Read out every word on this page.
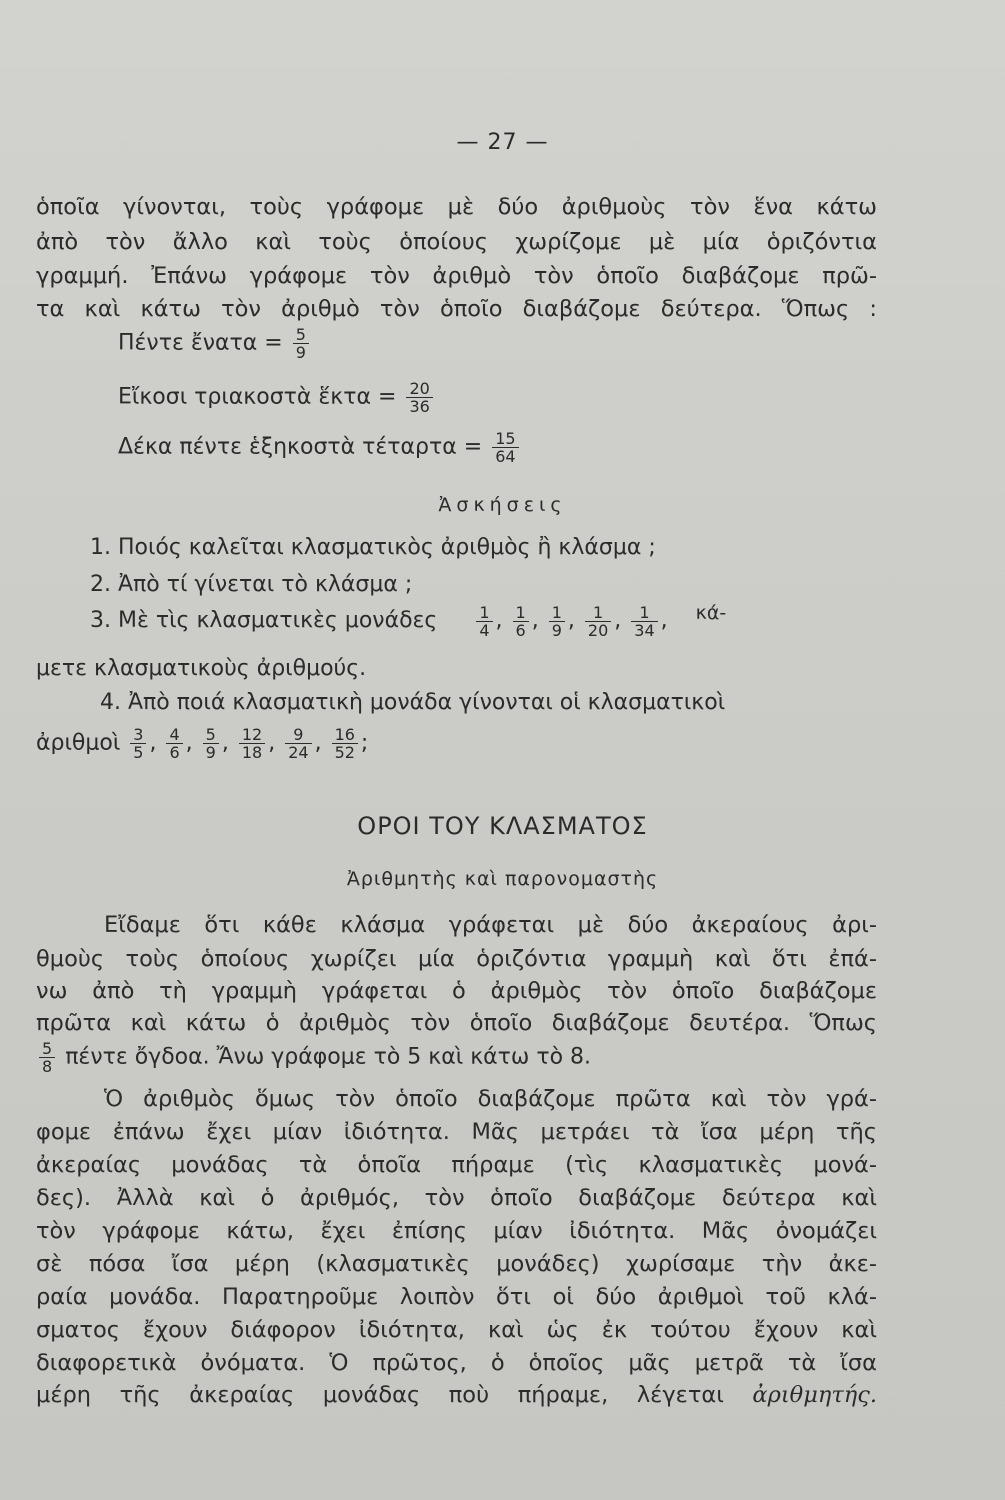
— 27 —
ὁποῖα γίνονται, τοὺς γράφομε μὲ δύο ἀριθμοὺς τὸν ἕνα κάτω
ἀπὸ τὸν ἄλλο καὶ τοὺς ὁποίους χωρίζομε μὲ μία ὁριζόντια
γραμμή. Ἐπάνω γράφομε τὸν ἀριθμὸ τὸν ὁποῖο διαβάζομε πρῶ-
τα καὶ κάτω τὸν ἀριθμὸ τὸν ὁποῖο διαβάζομε δεύτερα. Ὅπως :
Πέντε ἔνατα = $\frac{5}{9}$
Εἴκοσι τριακοστὰ ἕκτα = $\frac{20}{36}$
Δέκα πέντε ἑξηκοστὰ $\tau έ\tau\alpha\rho\tau\alpha = \frac{15}{64}$
Ἀσκήσεις
1. Ποιός καλεῖται κλασματικὸς ἀριθμὸς ἢ κλάσμα ;
2. Ἀπὸ τί γίνεται τὸ κλάσμα ;
3. Μὲ τὶς κλασματικὲς μονάδες $\frac{1}{4}$ , $\frac{1}{6}$ , $\frac{1}{9}$ , $\frac{1}{20}$ , $\frac{1}{34}$ ,  κά-
μετε κλασματικοὺς ἀριθμούς.
4. Ἀπὸ ποιά κλασματικὴ μονάδα γίνονται οἱ κλασματικοὶ
ἀριθμοὶ $\frac{3}{5}$ , $\frac{4}{6}$ , $\frac{5}{9}$ , $\frac{12}{18}$ , $\frac{9}{24}$ , $\frac{16}{52}$ ;
ΟΡΟΙ ΤΟΥ ΚΛΑΣΜΑΤΟΣ
Ἀριθμητὴς καὶ παρονομαστὴς
Εἴδαμε ὅτι κάθε κλάσμα γράφεται μὲ δύο ἀκεραίους ἀρι-
θμοὺς τοὺς ὁποίους χωρίζει μία ὁριζόντια γραμμὴ καὶ ὅτι ἐπά-
νω ἀπὸ τὴ γραμμὴ γράφεται ὁ ἀριθμὸς τὸν ὁποῖο διαβάζομε
πρῶτα καὶ κάτω ὁ ἀριθμὸς τὸν ὁποῖο διαβάζομε δευτέρα. Ὅπως
$\frac{5}{8}$ πέντε ὄγδοα. Ἄνω γράφομε τὸ 5 καὶ κάτω τὸ 8.
Ὁ ἀριθμὸς ὅμως τὸν ὁποῖο διαβάζομε πρῶτα καὶ τὸν γρά-
φομε ἐπάνω ἔχει μίαν ἰδιότητα. Μᾶς μετράει τὰ ἴσα μέρη τῆς
ἀκεραίας μονάδας τὰ ὁποῖα πήραμε (τὶς κλασματικὲς μονά-
δες). Ἀλλὰ καὶ ὁ ἀριθμός, τὸν ὁποῖο διαβάζομε δεύτερα καὶ
τὸν γράφομε κάτω, ἔχει ἐπίσης μίαν ἰδιότητα. Μᾶς ὀνομάζει
σὲ πόσα ἴσα μέρη (κλασματικὲς μονάδες) χωρίσαμε τὴν ἀκε-
ραία μονάδα. Παρατηροῦμε λοιπὸν ὅτι οἱ δύο ἀριθμοὶ τοῦ κλά-
σματος ἔχουν διάφορον ἰδιότητα, καὶ ὡς ἐκ τούτου ἔχουν καὶ
διαφορετικὰ ὀνόματα. Ὁ πρῶτος, ὁ ὁποῖος μᾶς μετρᾶ τὰ ἴσα
μέρη τῆς ἀκεραίας μονάδας ποὺ πήραμε, λέγεται ἀριθμητής.
